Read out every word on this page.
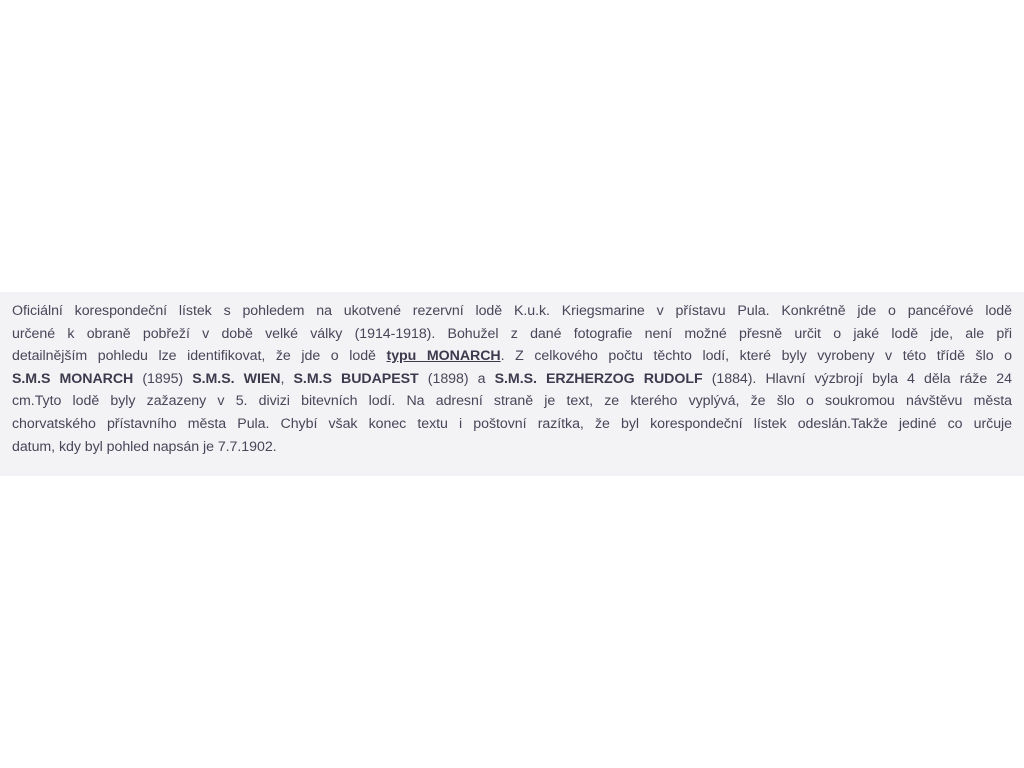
Oficiální korespondeční lístek s pohledem na ukotvené rezervní lodě K.u.k. Kriegsmarine v přístavu Pula. Konkrétně jde o pancéřové lodě
určené k obraně pobřeží v době velké války (1914-1918). Bohužel z dané fotografie není možné přesně určit o jaké lodě jde, ale při
detailnějším pohledu lze identifikovat, že jde o lodě typu MONARCH. Z celkového počtu těchto lodí, které byly vyrobeny v této třídě šlo o
S.M.S MONARCH (1895) S.M.S. WIEN, S.M.S BUDAPEST (1898) a S.M.S. ERZHERZOG RUDOLF (1884). Hlavní výzbrojí byla 4 děla ráže 24
cm.Tyto lodě byly zažazeny v 5. divizi bitevních lodí. Na adresní straně je text, ze kterého vyplývá, že šlo o soukromou návštěvu města
chorvatského přístavního města Pula. Chybí však konec textu i poštovní razítka, že byl korespondeční lístek odeslán.Takže jediné co určuje
datum, kdy byl pohled napsán je 7.7.1902.
